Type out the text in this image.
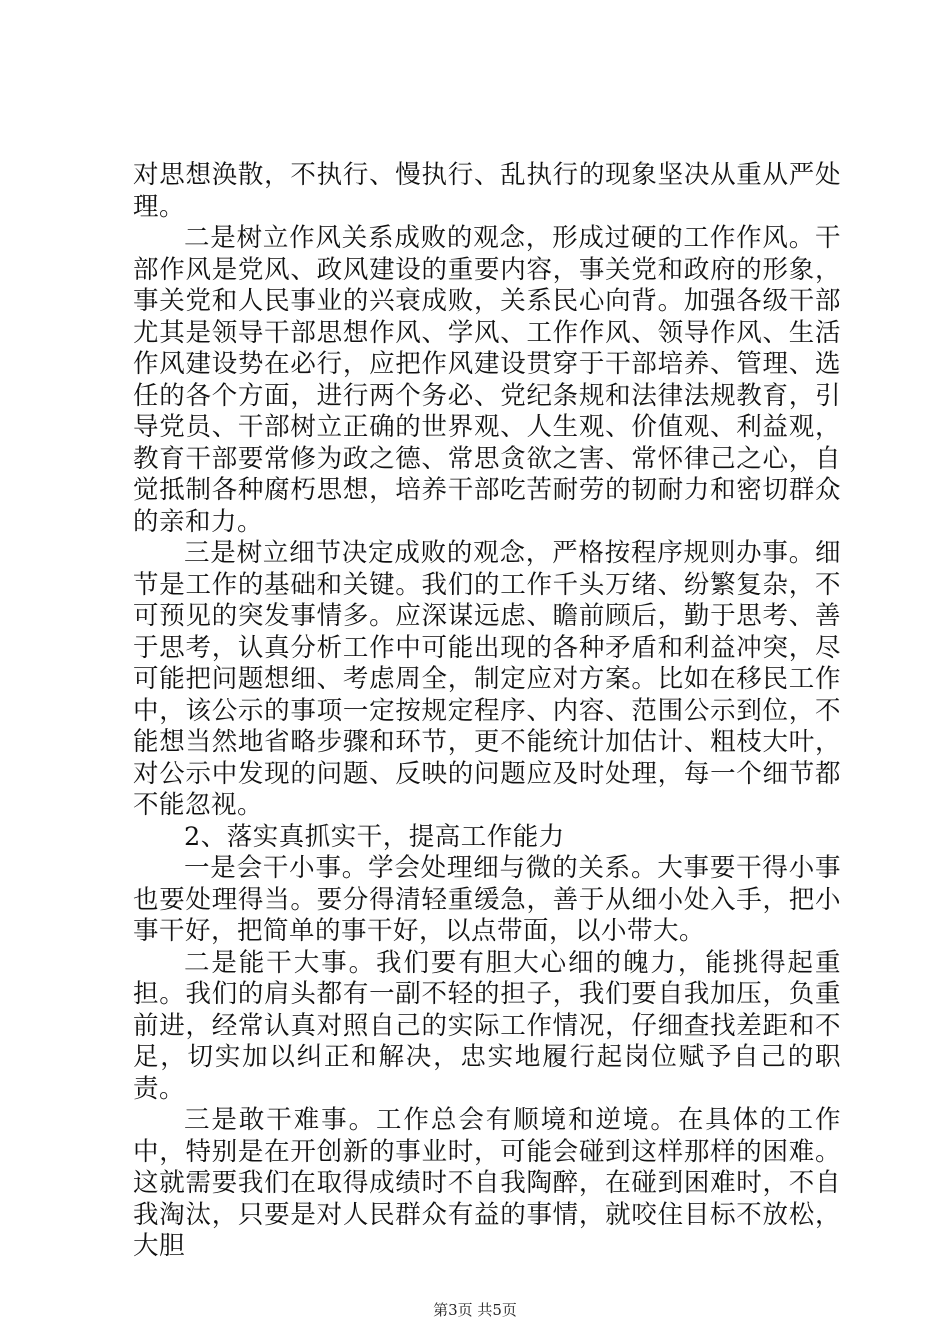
对思想涣散，不执行、慢执行、乱执行的现象坚决从重从严处理。

二是树立作风关系成败的观念，形成过硬的工作作风。干部作风是党风、政风建设的重要内容，事关党和政府的形象，事关党和人民事业的兴衰成败，关系民心向背。加强各级干部尤其是领导干部思想作风、学风、工作作风、领导作风、生活作风建设势在必行，应把作风建设贯穿于干部培养、管理、选任的各个方面，进行两个务必、党纪条规和法律法规教育，引导党员、干部树立正确的世界观、人生观、价值观、利益观，教育干部要常修为政之德、常思贪欲之害、常怀律己之心，自觉抵制各种腐朽思想，培养干部吃苦耐劳的韧耐力和密切群众的亲和力。

三是树立细节决定成败的观念，严格按程序规则办事。细节是工作的基础和关键。我们的工作千头万绪、纷繁复杂，不可预见的突发事情多。应深谋远虑、瞻前顾后，勤于思考、善于思考，认真分析工作中可能出现的各种矛盾和利益冲突，尽可能把问题想细、考虑周全，制定应对方案。比如在移民工作中，该公示的事项一定按规定程序、内容、范围公示到位，不能想当然地省略步骤和环节，更不能统计加估计、粗枝大叶，对公示中发现的问题、反映的问题应及时处理，每一个细节都不能忽视。

2、落实真抓实干，提高工作能力

一是会干小事。学会处理细与微的关系。大事要干得小事也要处理得当。要分得清轻重缓急，善于从细小处入手，把小事干好，把简单的事干好，以点带面，以小带大。

二是能干大事。我们要有胆大心细的魄力，能挑得起重担。我们的肩头都有一副不轻的担子，我们要自我加压，负重前进，经常认真对照自己的实际工作情况，仔细查找差距和不足，切实加以纠正和解决，忠实地履行起岗位赋予自己的职责。

三是敢干难事。工作总会有顺境和逆境。在具体的工作中，特别是在开创新的事业时，可能会碰到这样那样的困难。这就需要我们在取得成绩时不自我陶醉，在碰到困难时，不自我淘汰，只要是对人民群众有益的事情，就咬住目标不放松，大胆

第3页 共5页
